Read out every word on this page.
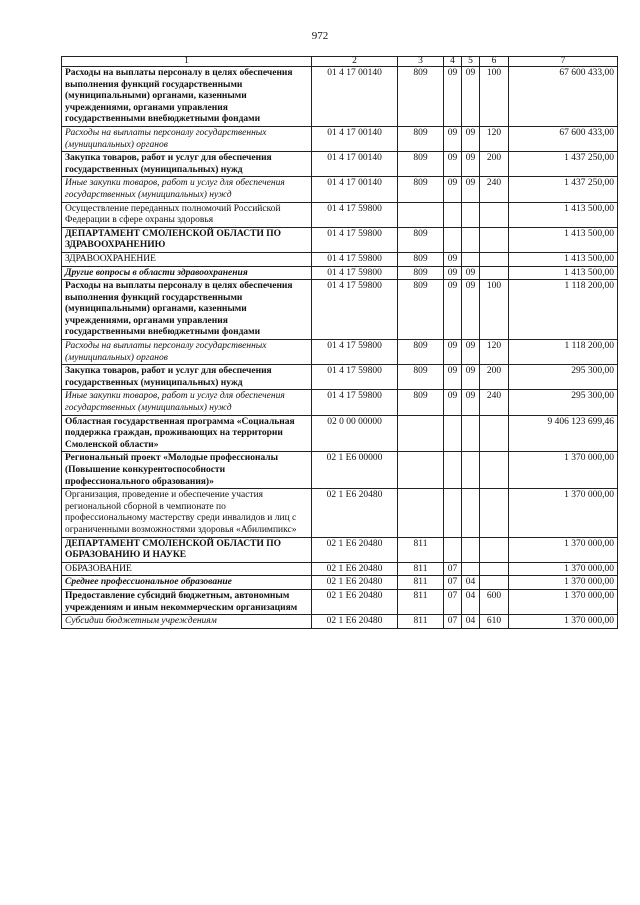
972
1	2	3	4	5	6	7
Расходы на выплаты персоналу в целях обеспечения выполнения функций государственными (муниципальными) органами, казенными учреждениями, органами управления государственными внебюджетными фондами	01 4 17 00140	809	09	09	100	67 600 433,00
Расходы на выплаты персоналу государственных (муниципальных) органов	01 4 17 00140	809	09	09	120	67 600 433,00
Закупка товаров, работ и услуг для обеспечения государственных (муниципальных) нужд	01 4 17 00140	809	09	09	200	1 437 250,00
Иные закупки товаров, работ и услуг для обеспечения государственных (муниципальных) нужд	01 4 17 00140	809	09	09	240	1 437 250,00
Осуществление переданных полномочий Российской Федерации в сфере охраны здоровья	01 4 17 59800					1 413 500,00
ДЕПАРТАМЕНТ СМОЛЕНСКОЙ ОБЛАСТИ ПО ЗДРАВООХРАНЕНИЮ	01 4 17 59800	809				1 413 500,00
ЗДРАВООХРАНЕНИЕ	01 4 17 59800	809	09			1 413 500,00
Другие вопросы в области здравоохранения	01 4 17 59800	809	09	09		1 413 500,00
Расходы на выплаты персоналу в целях обеспечения выполнения функций государственными (муниципальными) органами, казенными учреждениями, органами управления государственными внебюджетными фондами	01 4 17 59800	809	09	09	100	1 118 200,00
Расходы на выплаты персоналу государственных (муниципальных) органов	01 4 17 59800	809	09	09	120	1 118 200,00
Закупка товаров, работ и услуг для обеспечения государственных (муниципальных) нужд	01 4 17 59800	809	09	09	200	295 300,00
Иные закупки товаров, работ и услуг для обеспечения государственных (муниципальных) нужд	01 4 17 59800	809	09	09	240	295 300,00
Областная государственная программа «Социальная поддержка граждан, проживающих на территории Смоленской области»	02 0 00 00000					9 406 123 699,46
Региональный проект «Молодые профессионалы (Повышение конкурентоспособности профессионального образования)»	02 1 E6 00000					1 370 000,00
Организация, проведение и обеспечение участия региональной сборной в чемпионате по профессиональному мастерству среди инвалидов и лиц с ограниченными возможностями здоровья «Абилимпикс»	02 1 E6 20480					1 370 000,00
ДЕПАРТАМЕНТ СМОЛЕНСКОЙ ОБЛАСТИ ПО ОБРАЗОВАНИЮ И НАУКЕ	02 1 E6 20480	811				1 370 000,00
ОБРАЗОВАНИЕ	02 1 E6 20480	811	07			1 370 000,00
Среднее профессиональное образование	02 1 E6 20480	811	07	04		1 370 000,00
Предоставление субсидий бюджетным, автономным учреждениям и иным некоммерческим организациям	02 1 E6 20480	811	07	04	600	1 370 000,00
Субсидии бюджетным учреждениям	02 1 E6 20480	811	07	04	610	1 370 000,00
